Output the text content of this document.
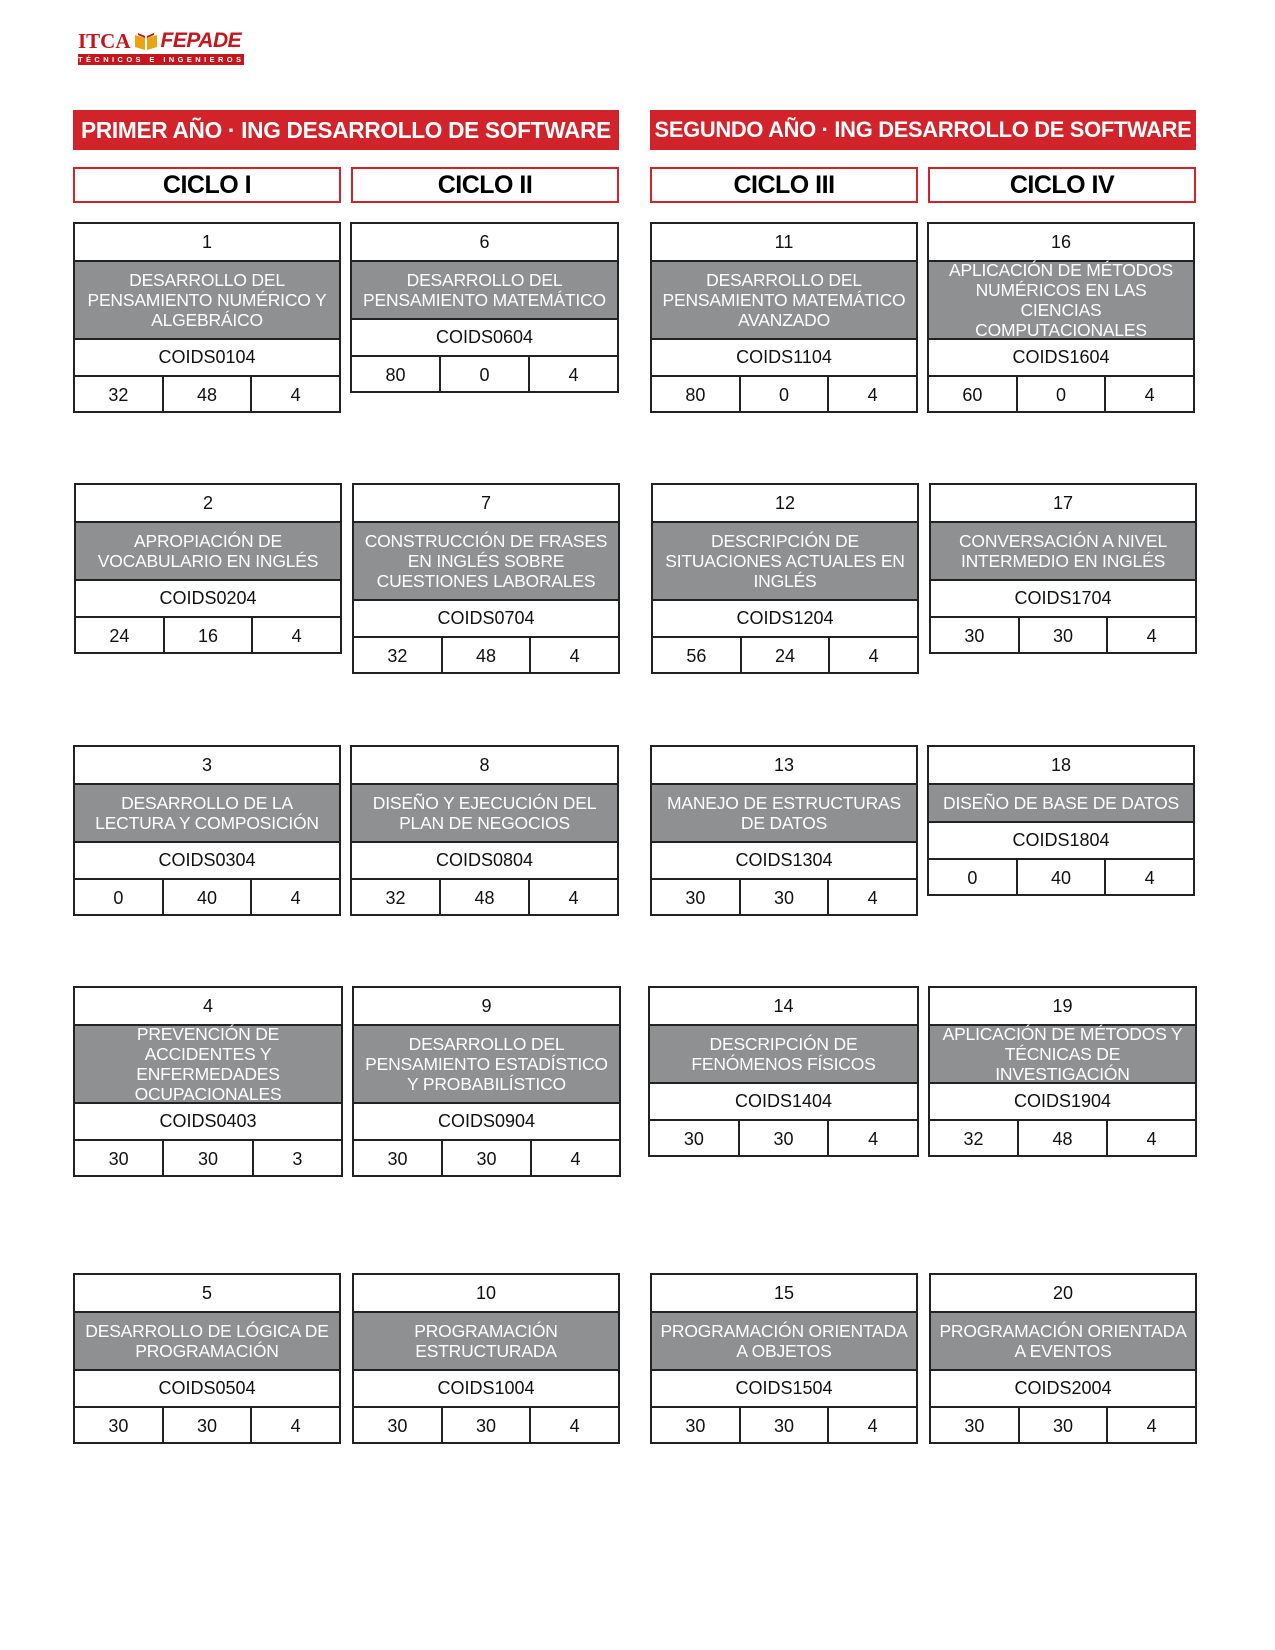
ITCA FEPADE
TÉCNICOS E INGENIEROS
PRIMER AÑO · ING DESARROLLO DE SOFTWARE	SEGUNDO AÑO · ING DESARROLLO DE SOFTWARE
CICLO I	CICLO II	CICLO III	CICLO IV
1
DESARROLLO DEL PENSAMIENTO NUMÉRICO Y ALGEBRÁICO
COIDS0104
32	48	4
2
APROPIACIÓN DE VOCABULARIO EN INGLÉS
COIDS0204
24	16	4
3
DESARROLLO DE LA LECTURA Y COMPOSICIÓN
COIDS0304
0	40	4
4
PREVENCIÓN DE ACCIDENTES Y ENFERMEDADES OCUPACIONALES
COIDS0403
30	30	3
5
DESARROLLO DE LÓGICA DE PROGRAMACIÓN
COIDS0504
30	30	4
6
DESARROLLO DEL PENSAMIENTO MATEMÁTICO
COIDS0604
80	0	4
7
CONSTRUCCIÓN DE FRASES EN INGLÉS SOBRE CUESTIONES LABORALES
COIDS0704
32	48	4
8
DISEÑO Y EJECUCIÓN DEL PLAN DE NEGOCIOS
COIDS0804
32	48	4
9
DESARROLLO DEL PENSAMIENTO ESTADÍSTICO Y PROBABILÍSTICO
COIDS0904
30	30	4
10
PROGRAMACIÓN ESTRUCTURADA
COIDS1004
30	30	4
11
DESARROLLO DEL PENSAMIENTO MATEMÁTICO AVANZADO
COIDS1104
80	0	4
12
DESCRIPCIÓN DE SITUACIONES ACTUALES EN INGLÉS
COIDS1204
56	24	4
13
MANEJO DE ESTRUCTURAS DE DATOS
COIDS1304
30	30	4
14
DESCRIPCIÓN DE FENÓMENOS FÍSICOS
COIDS1404
30	30	4
15
PROGRAMACIÓN ORIENTADA A OBJETOS
COIDS1504
30	30	4
16
APLICACIÓN DE MÉTODOS NUMÉRICOS EN LAS CIENCIAS COMPUTACIONALES
COIDS1604
60	0	4
17
CONVERSACIÓN A NIVEL INTERMEDIO EN INGLÉS
COIDS1704
30	30	4
18
DISEÑO DE BASE DE DATOS
COIDS1804
0	40	4
19
APLICACIÓN DE MÉTODOS Y TÉCNICAS DE INVESTIGACIÓN
COIDS1904
32	48	4
20
PROGRAMACIÓN ORIENTADA A EVENTOS
COIDS2004
30	30	4
